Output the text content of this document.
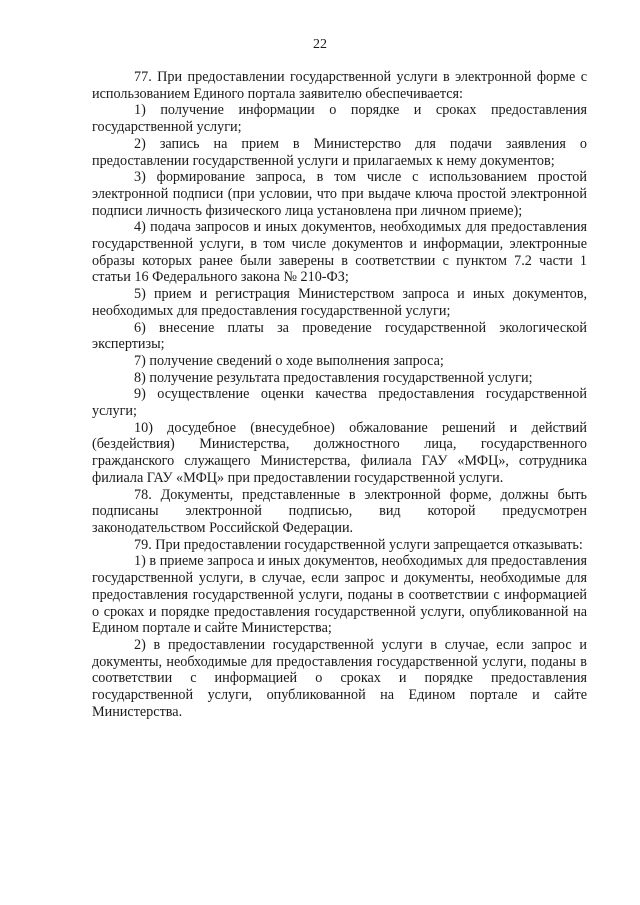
22

77. При предоставлении государственной услуги в электронной форме с использованием Единого портала заявителю обеспечивается:

1) получение информации о порядке и сроках предоставления государственной услуги;

2) запись на прием в Министерство для подачи заявления о предоставлении государственной услуги и прилагаемых к нему документов;

3) формирование запроса, в том числе с использованием простой электронной подписи (при условии, что при выдаче ключа простой электронной подписи личность физического лица установлена при личном приеме);

4) подача запросов и иных документов, необходимых для предоставления государственной услуги, в том числе документов и информации, электронные образы которых ранее были заверены в соответствии с пунктом 7.2 части 1 статьи 16 Федерального закона № 210-ФЗ;

5) прием и регистрация Министерством запроса и иных документов, необходимых для предоставления государственной услуги;

6) внесение платы за проведение государственной экологической экспертизы;

7) получение сведений о ходе выполнения запроса;

8) получение результата предоставления государственной услуги;

9) осуществление оценки качества предоставления государственной услуги;

10) досудебное (внесудебное) обжалование решений и действий (бездействия) Министерства, должностного лица, государственного гражданского служащего Министерства, филиала ГАУ «МФЦ», сотрудника филиала ГАУ «МФЦ» при предоставлении государственной услуги.

78. Документы, представленные в электронной форме, должны быть подписаны электронной подписью, вид которой предусмотрен законодательством Российской Федерации.

79. При предоставлении государственной услуги запрещается отказывать:

1) в приеме запроса и иных документов, необходимых для предоставления государственной услуги, в случае, если запрос и документы, необходимые для предоставления государственной услуги, поданы в соответствии с информацией о сроках и порядке предоставления государственной услуги, опубликованной на Едином портале и сайте Министерства;

2) в предоставлении государственной услуги в случае, если запрос и документы, необходимые для предоставления государственной услуги, поданы в соответствии с информацией о сроках и порядке предоставления государственной услуги, опубликованной на Едином портале и сайте Министерства.
